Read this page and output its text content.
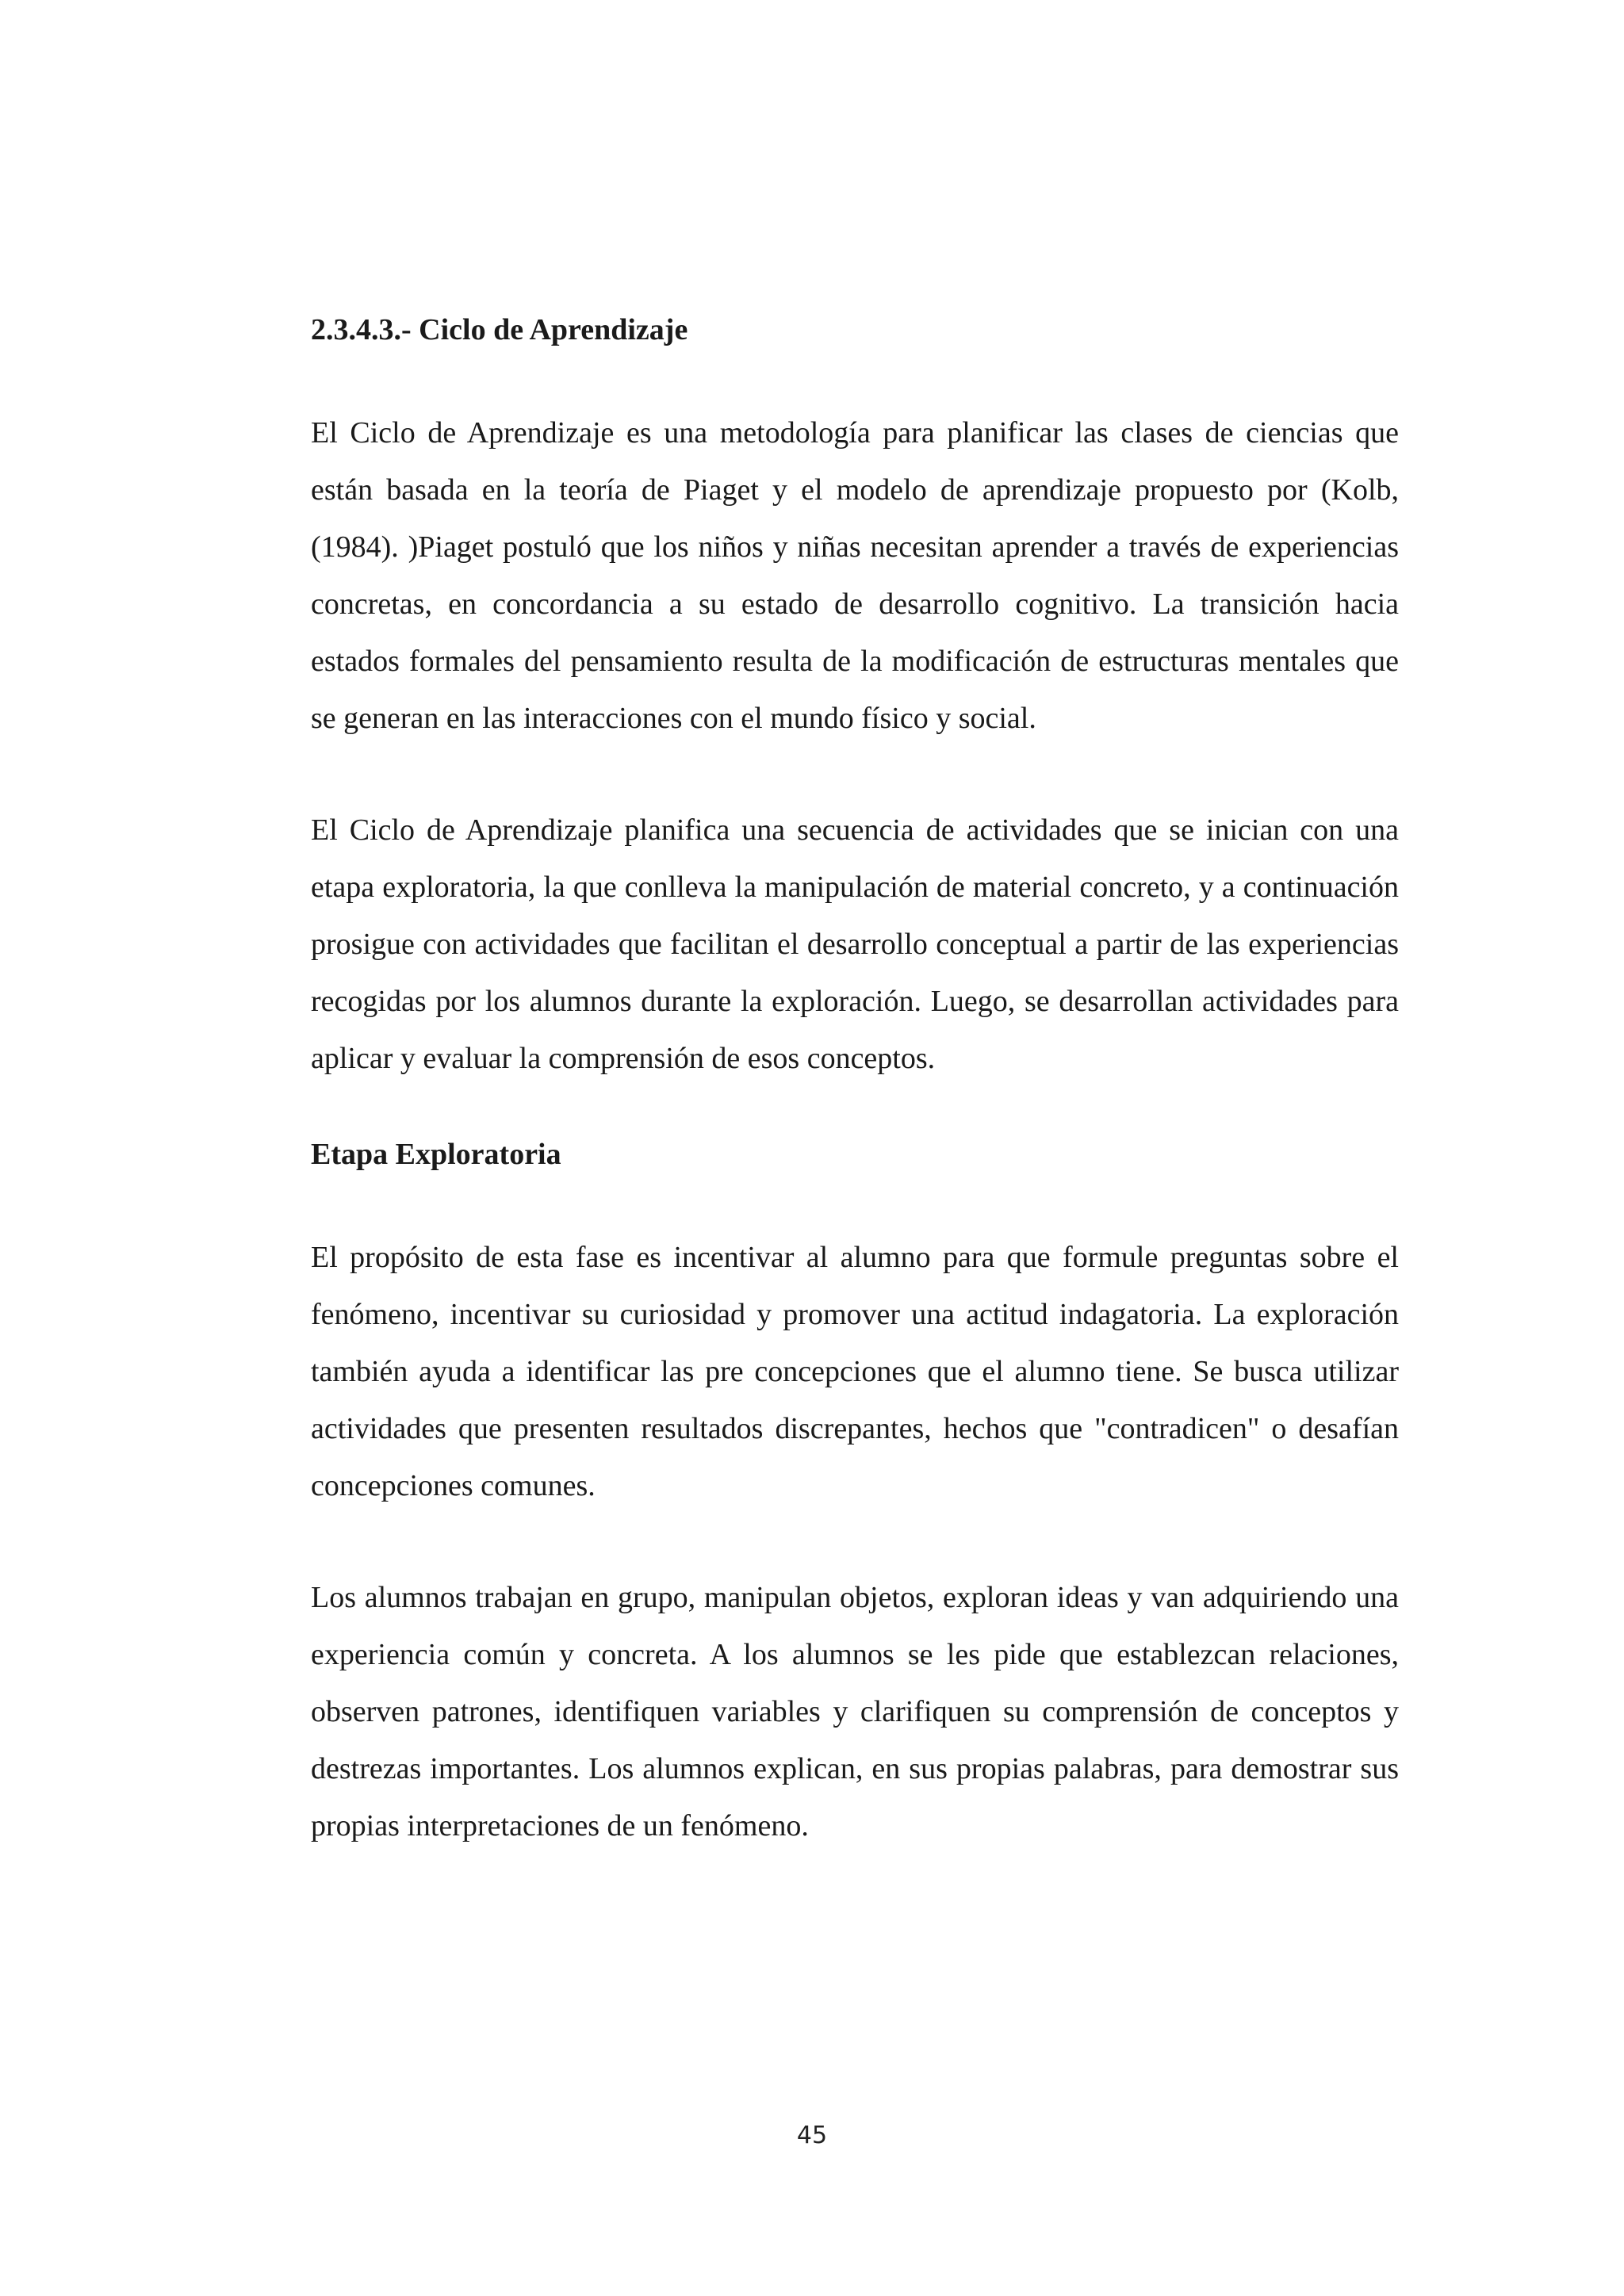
2.3.4.3.- Ciclo de Aprendizaje

El Ciclo de Aprendizaje es una metodología para planificar las clases de ciencias que están basada en la teoría de Piaget y el modelo de aprendizaje propuesto por (Kolb, (1984). )Piaget postuló que los niños y niñas necesitan aprender a través de experiencias concretas, en concordancia a su estado de desarrollo cognitivo. La transición hacia estados formales del pensamiento resulta de la modificación de estructuras mentales que se generan en las interacciones con el mundo físico y social.

El Ciclo de Aprendizaje planifica una secuencia de actividades que se inician con una etapa exploratoria, la que conlleva la manipulación de material concreto, y a continuación prosigue con actividades que facilitan el desarrollo conceptual a partir de las experiencias recogidas por los alumnos durante la exploración. Luego, se desarrollan actividades para aplicar y evaluar la comprensión de esos conceptos.

Etapa Exploratoria

El propósito de esta fase es incentivar al alumno para que formule preguntas sobre el fenómeno, incentivar su curiosidad y promover una actitud indagatoria. La exploración también ayuda a identificar las pre concepciones que el alumno tiene. Se busca utilizar actividades que presenten resultados discrepantes, hechos que "contradicen" o desafían concepciones comunes.

Los alumnos trabajan en grupo, manipulan objetos, exploran ideas y van adquiriendo una experiencia común y concreta. A los alumnos se les pide que establezcan relaciones, observen patrones, identifiquen variables y clarifiquen su comprensión de conceptos y destrezas importantes. Los alumnos explican, en sus propias palabras, para demostrar sus propias interpretaciones de un fenómeno.

45
